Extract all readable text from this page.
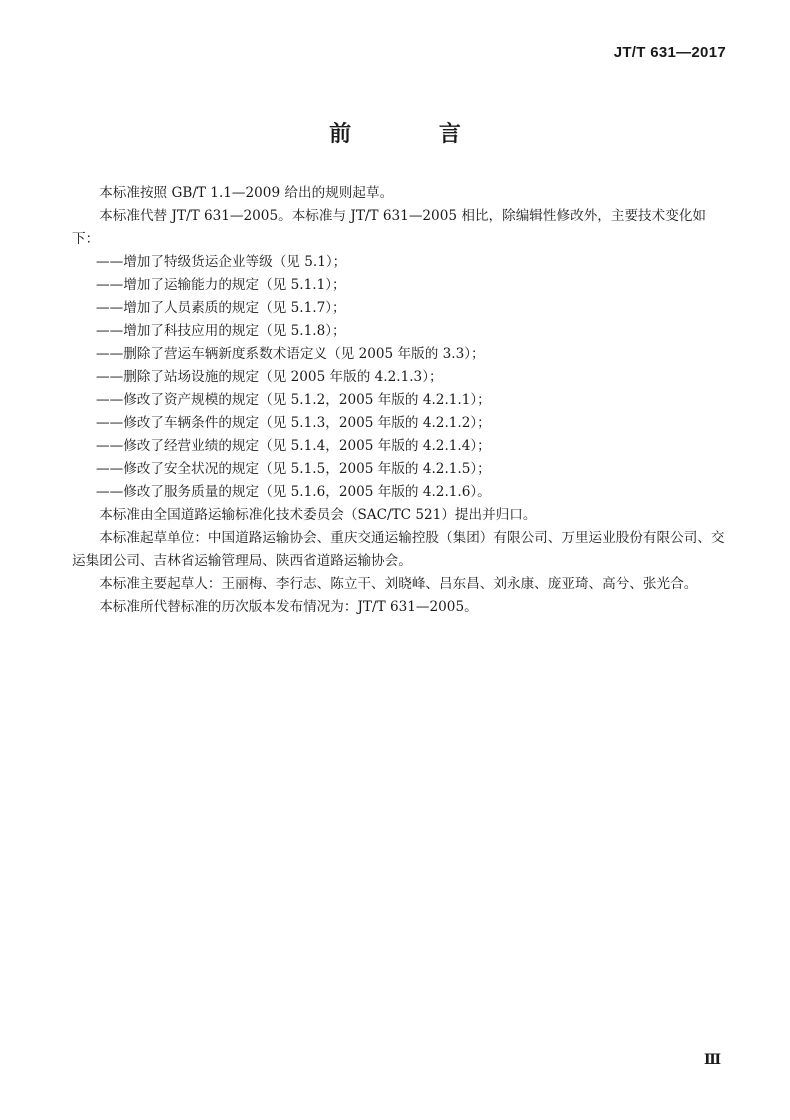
JT/T 631—2017
前 言

本标准按照 GB/T 1.1—2009 给出的规则起草。

本标准代替 JT/T 631—2005。本标准与 JT/T 631—2005 相比，除编辑性修改外，主要技术变化如下：

——增加了特级货运企业等级（见 5.1）；
——增加了运输能力的规定（见 5.1.1）；
——增加了人员素质的规定（见 5.1.7）；
——增加了科技应用的规定（见 5.1.8）；
——删除了营运车辆新度系数术语定义（见 2005 年版的 3.3）；
——删除了站场设施的规定（见 2005 年版的 4.2.1.3）；
——修改了资产规模的规定（见 5.1.2，2005 年版的 4.2.1.1）；
——修改了车辆条件的规定（见 5.1.3，2005 年版的 4.2.1.2）；
——修改了经营业绩的规定（见 5.1.4，2005 年版的 4.2.1.4）；
——修改了安全状况的规定（见 5.1.5，2005 年版的 4.2.1.5）；
——修改了服务质量的规定（见 5.1.6，2005 年版的 4.2.1.6）。

本标准由全国道路运输标准化技术委员会（SAC/TC 521）提出并归口。

本标准起草单位：中国道路运输协会、重庆交通运输控股（集团）有限公司、万里运业股份有限公司、交运集团公司、吉林省运输管理局、陕西省道路运输协会。

本标准主要起草人：王丽梅、李行志、陈立干、刘晓峰、吕东昌、刘永康、庞亚琦、高兮、张光合。

本标准所代替标准的历次版本发布情况为：JT/T 631—2005。

Ⅲ
